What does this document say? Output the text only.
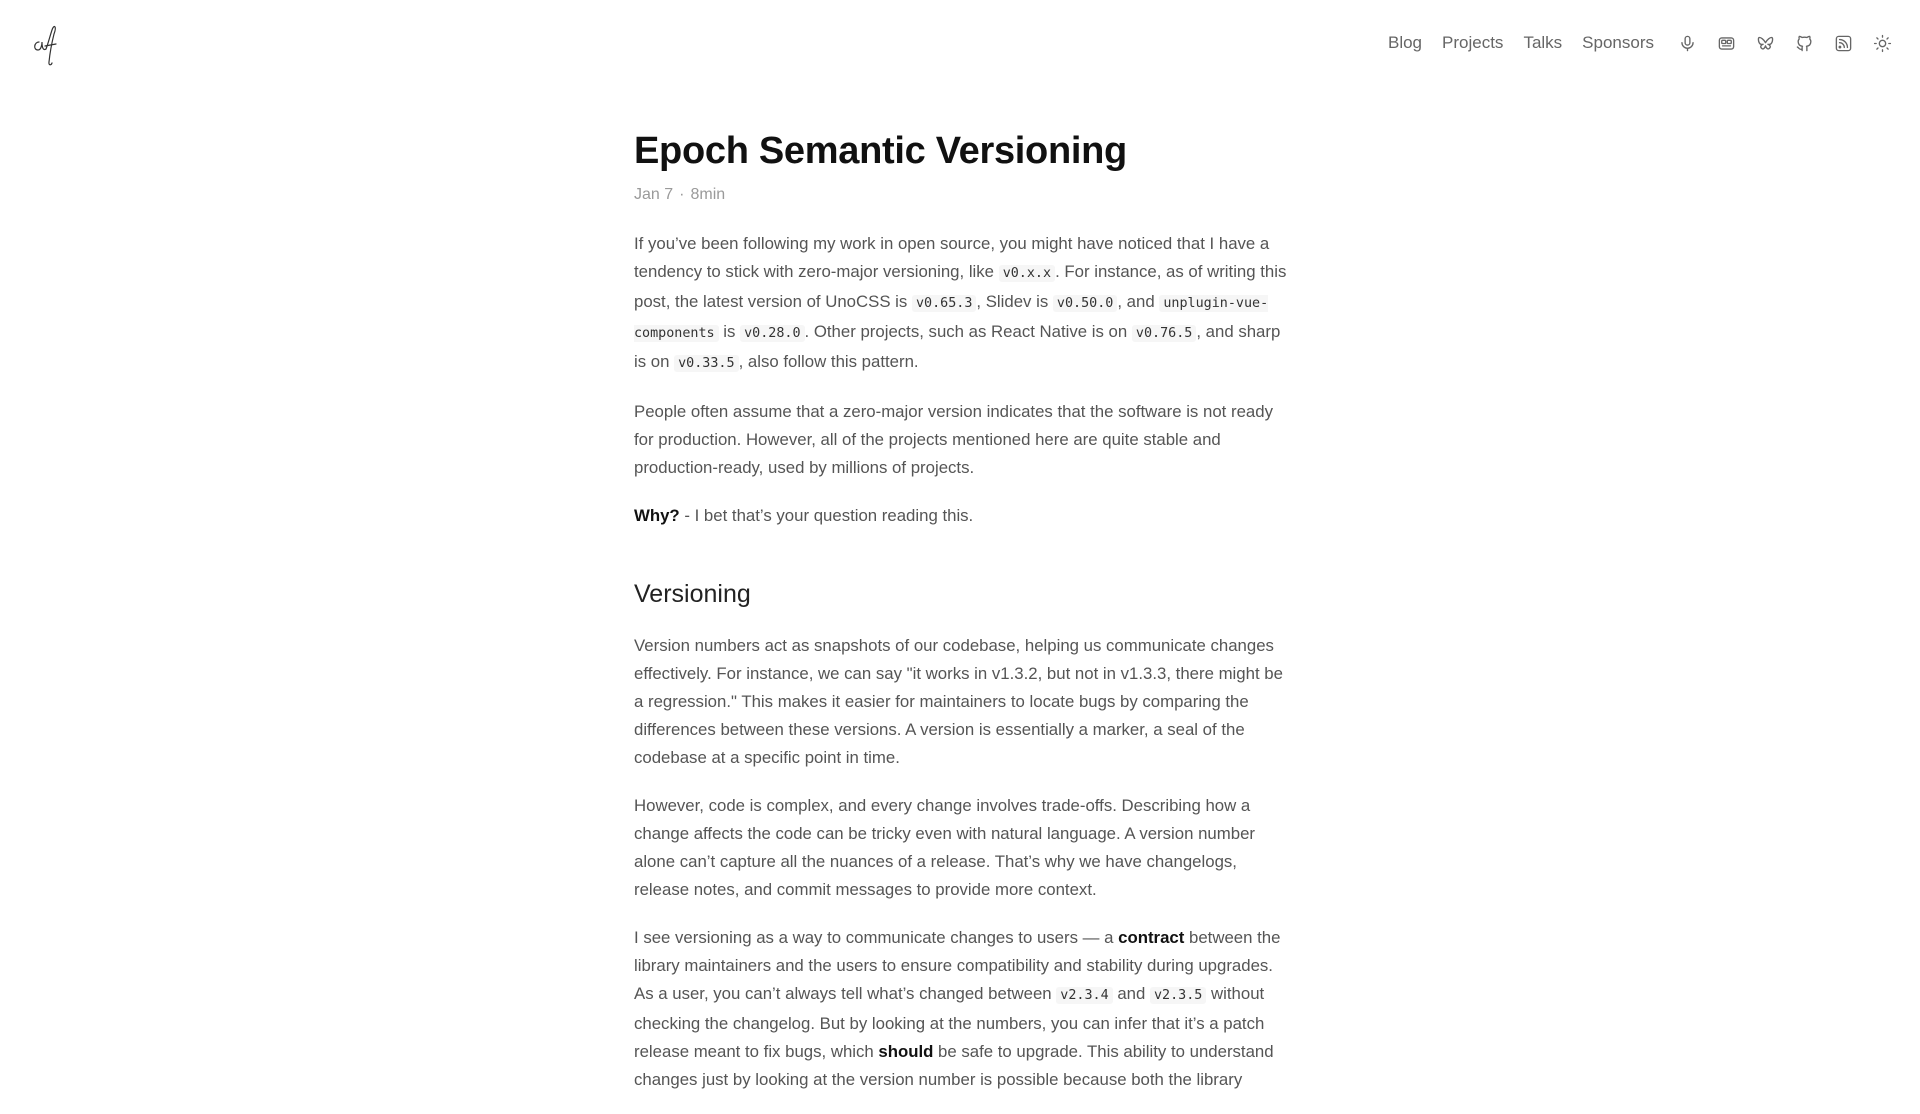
Blog Projects Talks Sponsors
Epoch Semantic Versioning
Jan 7 · 8min

If you’ve been following my work in open source, you might have noticed that I have a tendency to stick with zero-major versioning, like v0.x.x . For instance, as of writing this post, the latest version of UnoCSS is v0.65.3 , Slidev is v0.50.0 , and unplugin-vue-components is v0.28.0 . Other projects, such as React Native is on v0.76.5 , and sharp is on v0.33.5 , also follow this pattern.

People often assume that a zero-major version indicates that the software is not ready for production. However, all of the projects mentioned here are quite stable and production-ready, used by millions of projects.

Why? - I bet that’s your question reading this.

Versioning

Version numbers act as snapshots of our codebase, helping us communicate changes effectively. For instance, we can say "it works in v1.3.2, but not in v1.3.3, there might be a regression." This makes it easier for maintainers to locate bugs by comparing the differences between these versions. A version is essentially a marker, a seal of the codebase at a specific point in time.

However, code is complex, and every change involves trade-offs. Describing how a change affects the code can be tricky even with natural language. A version number alone can’t capture all the nuances of a release. That’s why we have changelogs, release notes, and commit messages to provide more context.

I see versioning as a way to communicate changes to users — a contract between the library maintainers and the users to ensure compatibility and stability during upgrades. As a user, you can’t always tell what’s changed between v2.3.4 and v2.3.5 without checking the changelog. But by looking at the numbers, you can infer that it’s a patch release meant to fix bugs, which should be safe to upgrade. This ability to understand changes just by looking at the version number is possible because both the library
